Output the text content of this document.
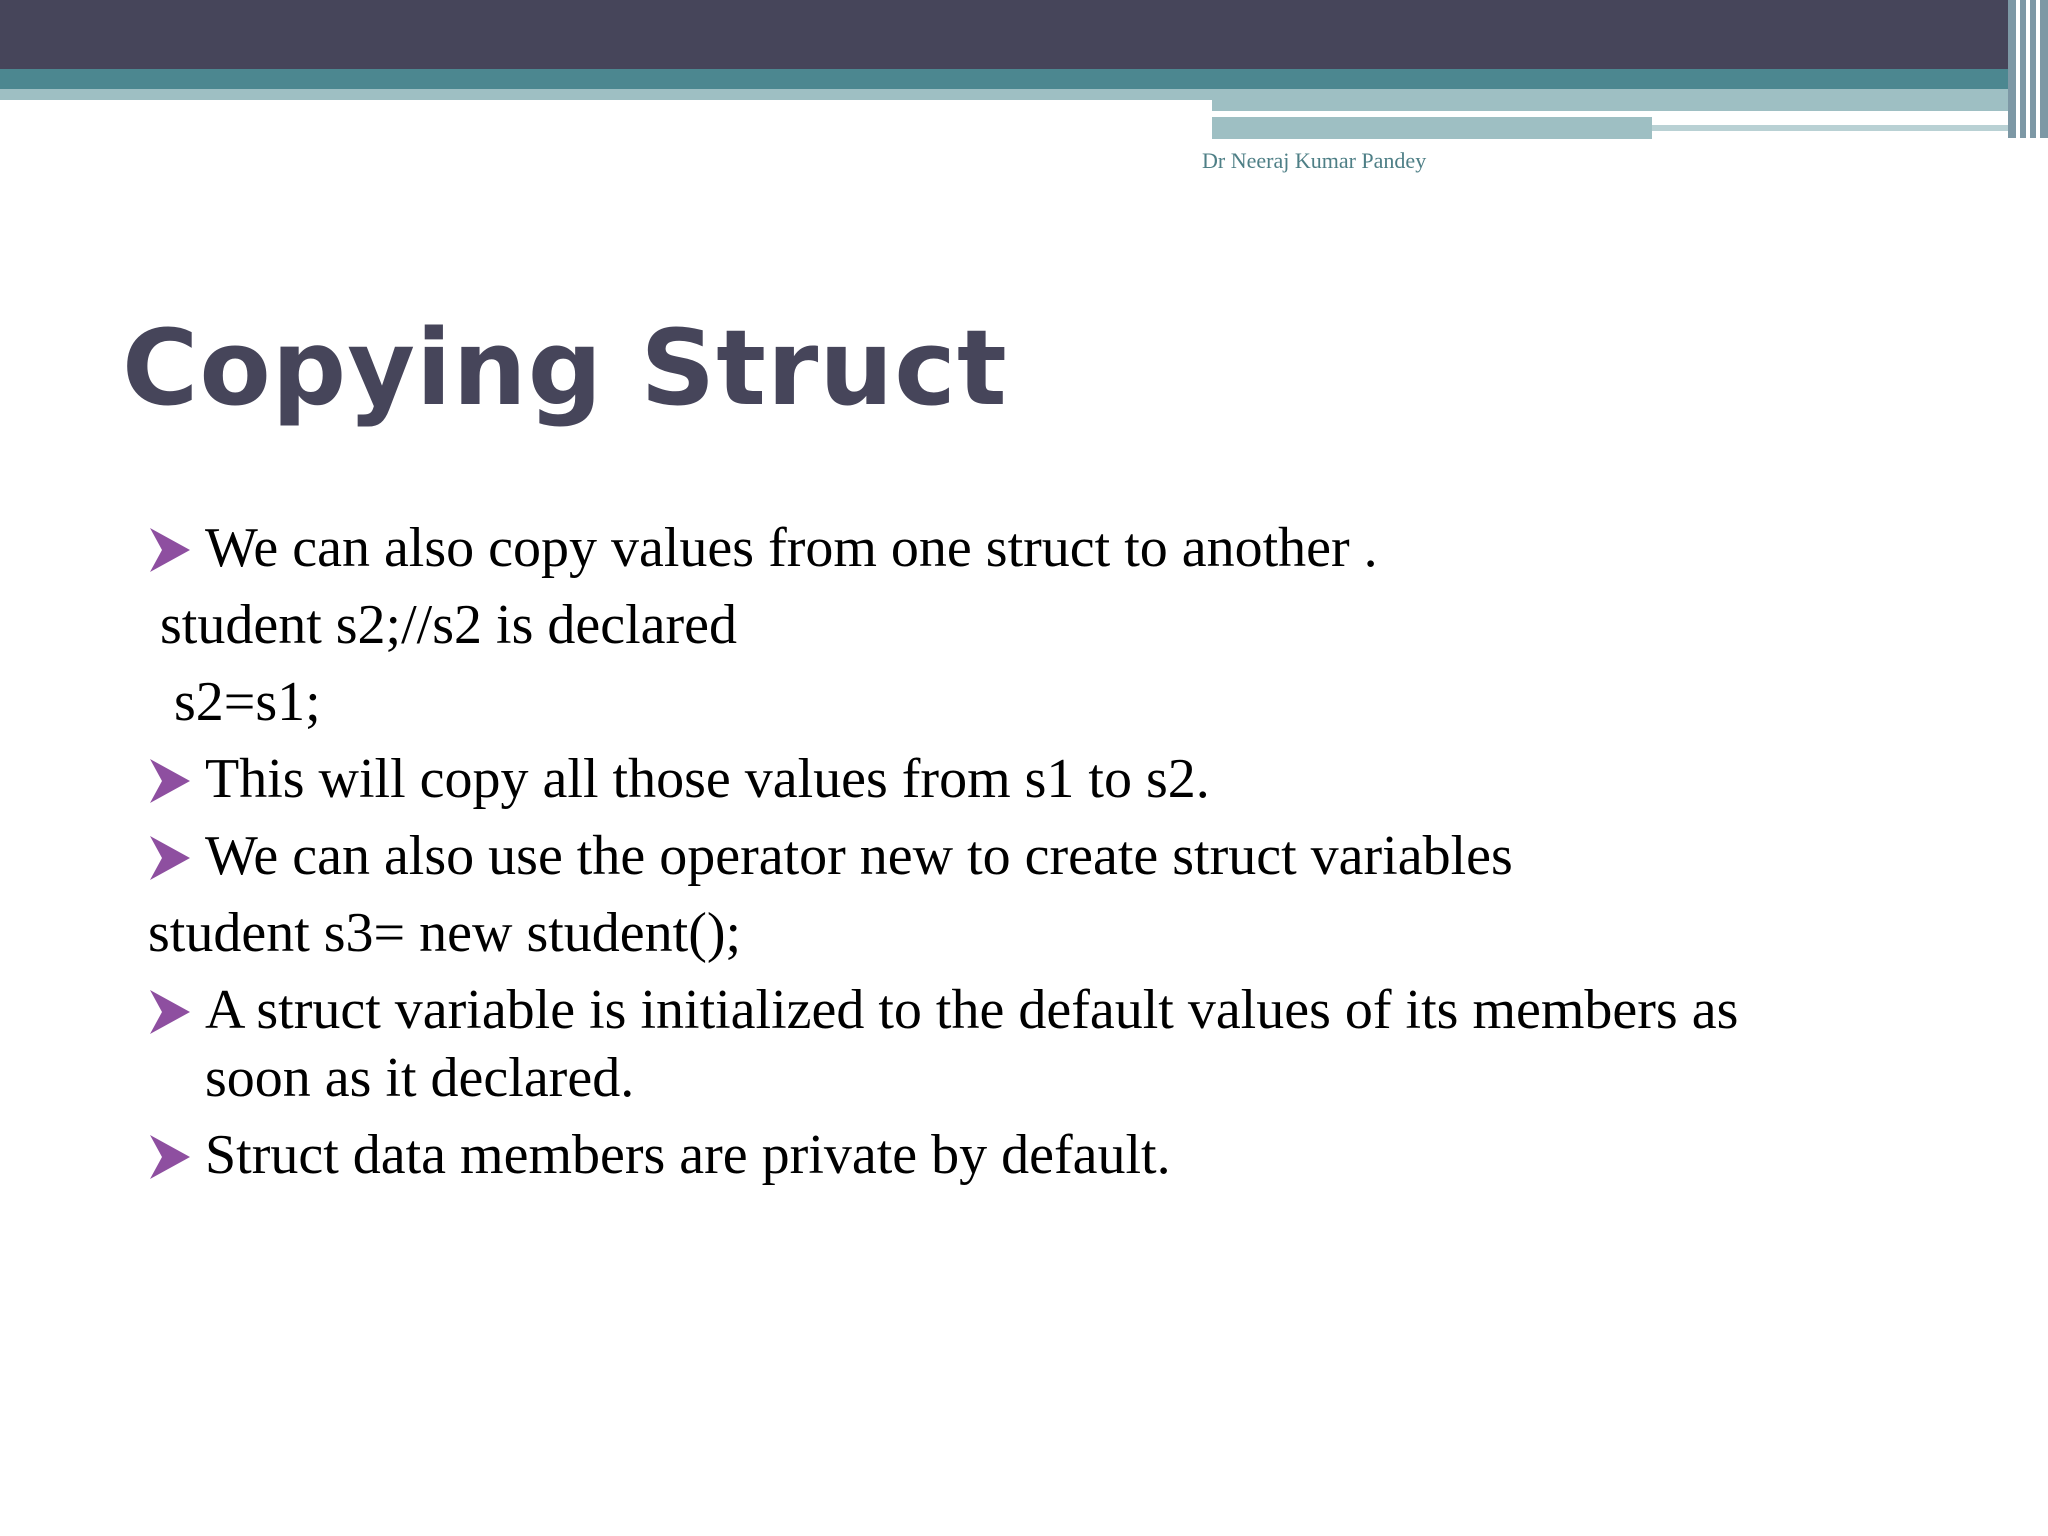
Dr Neeraj Kumar Pandey
Copying Struct
We can also copy values from one struct to another .
student s2;//s2 is declared
s2=s1;
This will copy all those values from s1 to s2.
We can also use the operator new to create struct variables
student s3= new student();
A struct variable is initialized to the default values of its members as
soon as it declared.
Struct data members are private by default.
